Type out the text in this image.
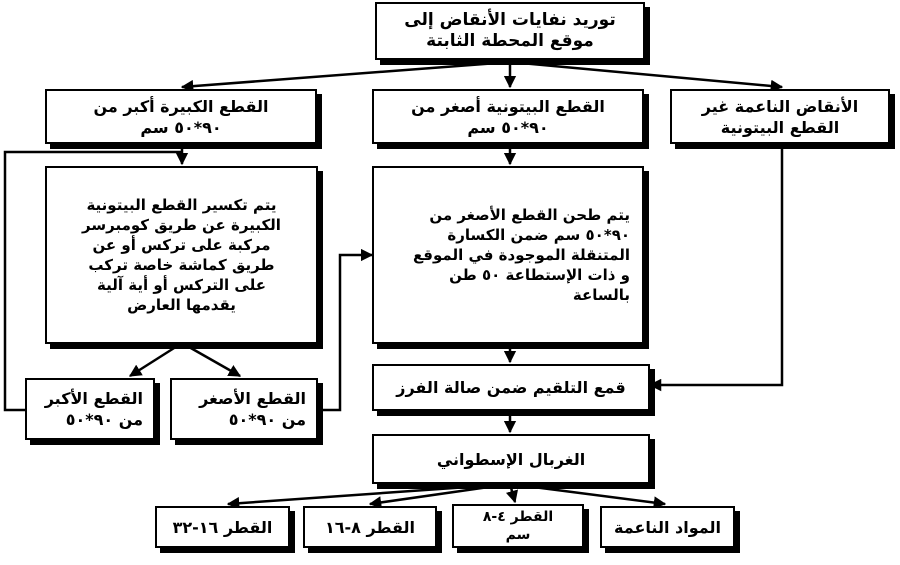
توريد نفايات الأنقاض إلى
موقع المحطة الثابتة
القطع الكبيرة أكبر من
٩٠*٥٠ سم
القطع البيتونية أصغر من
٩٠*٥٠ سم
الأنقاض الناعمة غير
القطع البيتونية
يتم تكسير القطع البيتونية
الكبيرة عن طريق كومبرسر
مركبة على تركس أو عن
طريق كماشة خاصة تركب
على التركس أو أية آلية
يقدمها العارض
يتم طحن القطع الأصغر من
٩٠*٥٠ سم ضمن الكسارة
المتنقلة الموجودة في الموقع
و ذات الإستطاعة ٥٠ طن
بالساعة
القطع الأكبر
من ٩٠*٥٠
القطع الأصغر
من ٩٠*٥٠
قمع التلقيم ضمن صالة الفرز
الغربال الإسطواني
المواد الناعمة
القطر ٤-٨
سم
القطر ٨-١٦
القطر ١٦-٣٢
